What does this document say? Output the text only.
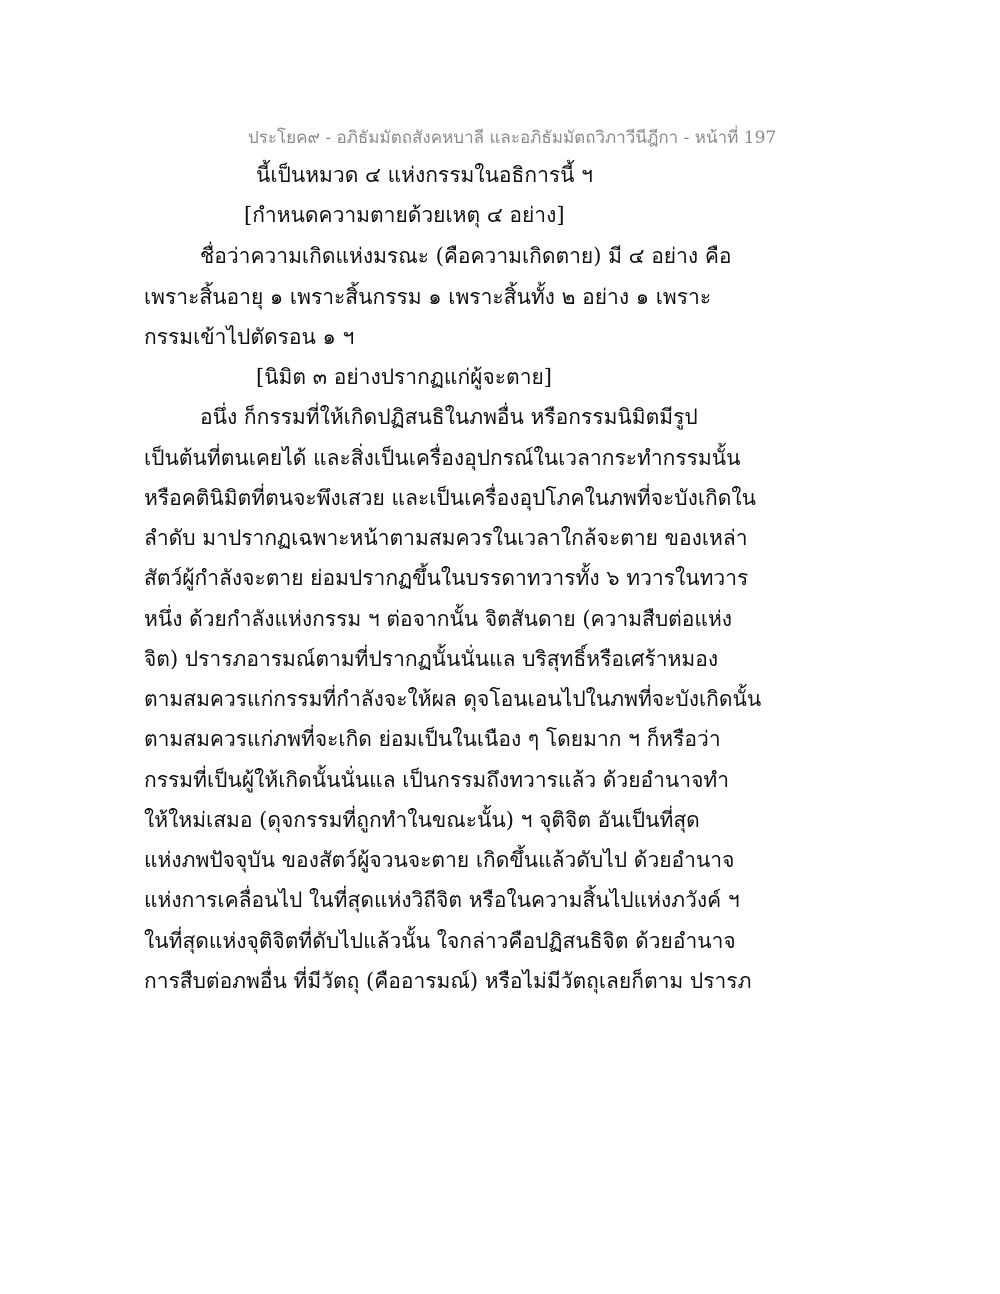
ประโยค๙ - อภิธัมมัตถสังคหบาลี และอภิธัมมัตถวิภาวีนีฎีกา - หน้าที่ 197
นี้เป็นหมวด ๔ แห่งกรรมในอธิการนี้ ฯ
[กำหนดความตายด้วยเหตุ ๔ อย่าง]
ชื่อว่าความเกิดแห่งมรณะ (คือความเกิดตาย) มี ๔ อย่าง คือ
เพราะสิ้นอายุ ๑ เพราะสิ้นกรรม ๑ เพราะสิ้นทั้ง ๒ อย่าง ๑ เพราะ
กรรมเข้าไปตัดรอน ๑ ฯ
[นิมิต ๓ อย่างปรากฏแก่ผู้จะตาย]
อนึ่ง ก็กรรมที่ให้เกิดปฏิสนธิในภพอื่น หรือกรรมนิมิตมีรูป
เป็นต้นที่ตนเคยได้ และสิ่งเป็นเครื่องอุปกรณ์ในเวลากระทำกรรมนั้น
หรือคตินิมิตที่ตนจะพึงเสวย และเป็นเครื่องอุปโภคในภพที่จะบังเกิดใน
ลำดับ มาปรากฏเฉพาะหน้าตามสมควรในเวลาใกล้จะตาย ของเหล่า
สัตว์ผู้กำลังจะตาย ย่อมปรากฏขึ้นในบรรดาทวารทั้ง ๖ ทวารในทวาร
หนึ่ง ด้วยกำลังแห่งกรรม ฯ ต่อจากนั้น จิตสันดาย (ความสืบต่อแห่ง
จิต) ปรารภอารมณ์ตามที่ปรากฏนั้นนั่นแล บริสุทธิ์หรือเศร้าหมอง
ตามสมควรแก่กรรมที่กำลังจะให้ผล ดุจโอนเอนไปในภพที่จะบังเกิดนั้น
ตามสมควรแก่ภพที่จะเกิด ย่อมเป็นในเนือง ๆ โดยมาก ฯ ก็หรือว่า
กรรมที่เป็นผู้ให้เกิดนั้นนั่นแล เป็นกรรมถึงทวารแล้ว ด้วยอำนาจทำ
ให้ใหม่เสมอ (ดุจกรรมที่ถูกทำในขณะนั้น) ฯ จุติจิต อันเป็นที่สุด
แห่งภพปัจจุบัน ของสัตว์ผู้จวนจะตาย เกิดขึ้นแล้วดับไป ด้วยอำนาจ
แห่งการเคลื่อนไป ในที่สุดแห่งวิถีจิต หรือในความสิ้นไปแห่งภวังค์ ฯ
ในที่สุดแห่งจุติจิตที่ดับไปแล้วนั้น ใจกล่าวคือปฏิสนธิจิต ด้วยอำนาจ
การสืบต่อภพอื่น ที่มีวัตถุ (คืออารมณ์) หรือไม่มีวัตถุเลยก็ตาม ปรารภ
